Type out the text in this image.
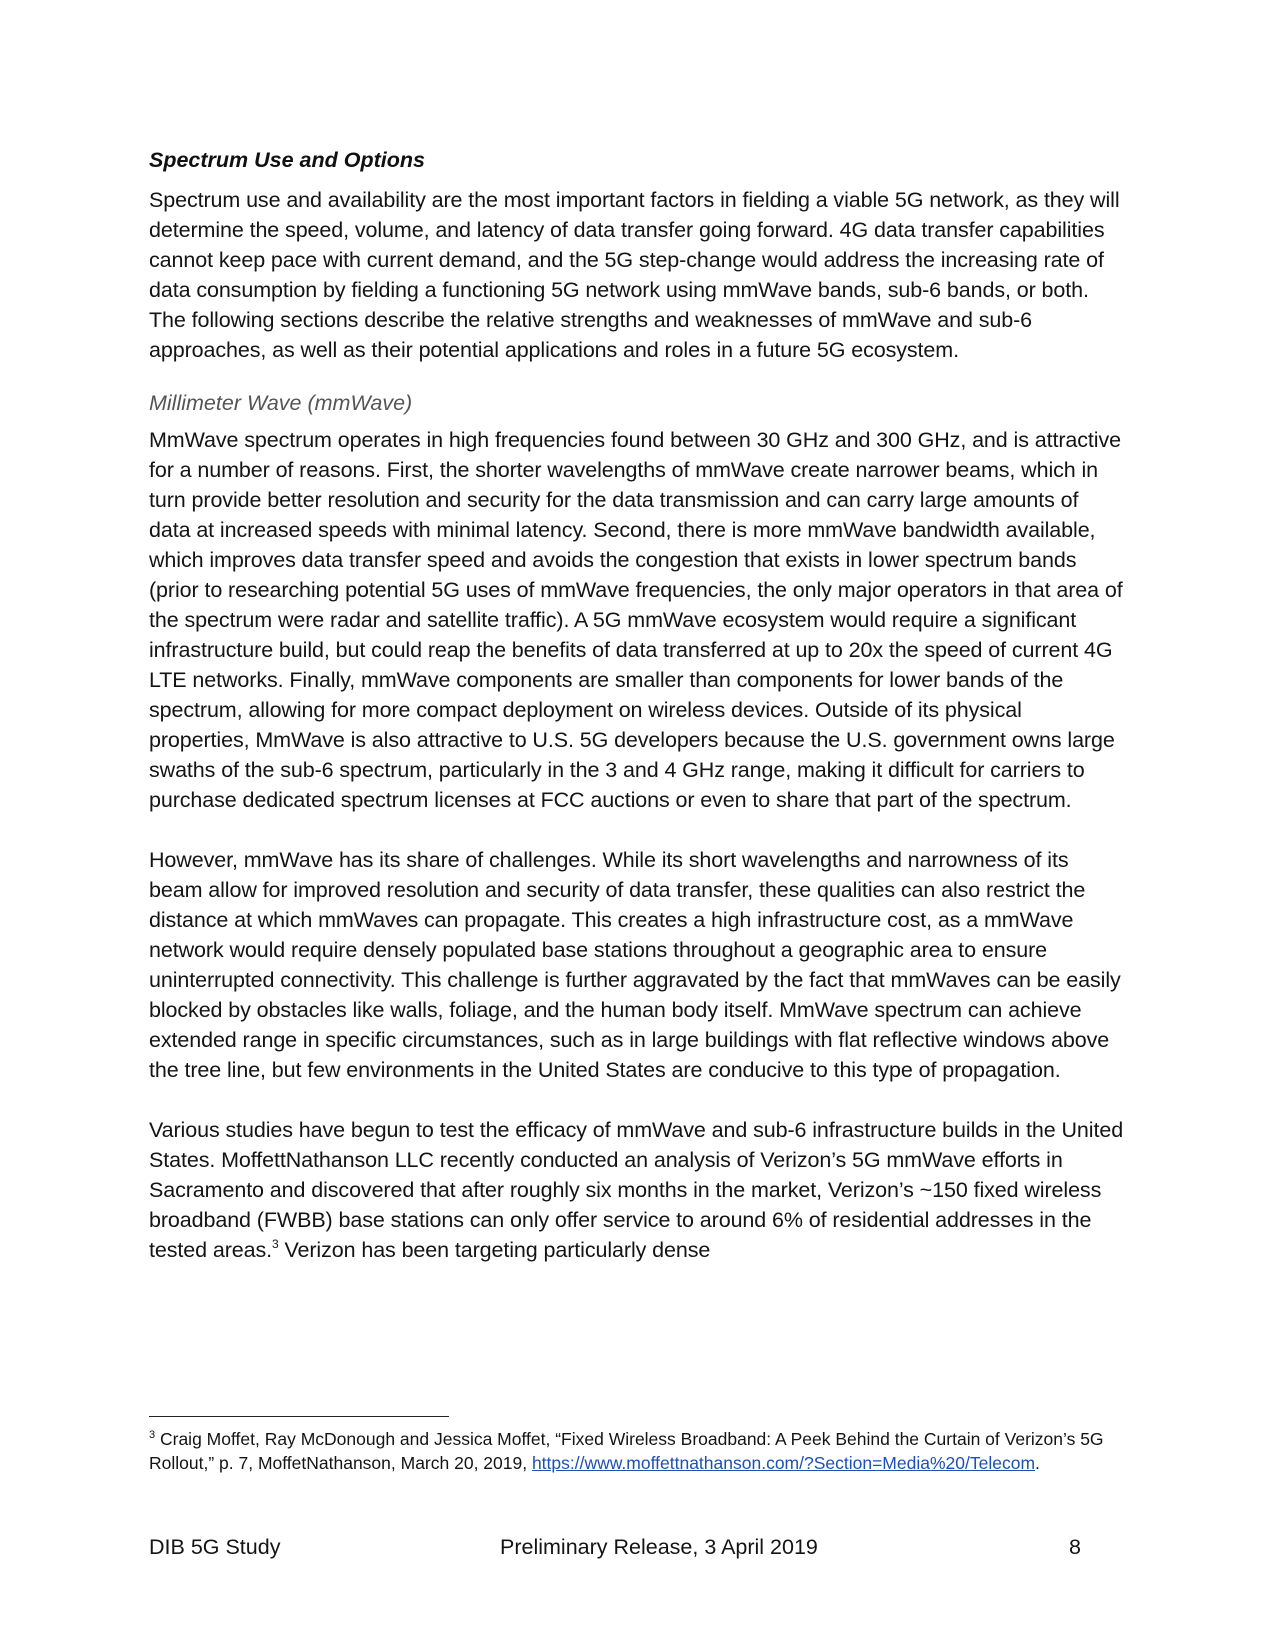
Spectrum Use and Options

Spectrum use and availability are the most important factors in fielding a viable 5G network, as they will determine the speed, volume, and latency of data transfer going forward. 4G data transfer capabilities cannot keep pace with current demand, and the 5G step-change would address the increasing rate of data consumption by fielding a functioning 5G network using mmWave bands, sub-6 bands, or both. The following sections describe the relative strengths and weaknesses of mmWave and sub-6 approaches, as well as their potential applications and roles in a future 5G ecosystem.

Millimeter Wave (mmWave)

MmWave spectrum operates in high frequencies found between 30 GHz and 300 GHz, and is attractive for a number of reasons. First, the shorter wavelengths of mmWave create narrower beams, which in turn provide better resolution and security for the data transmission and can carry large amounts of data at increased speeds with minimal latency. Second, there is more mmWave bandwidth available, which improves data transfer speed and avoids the congestion that exists in lower spectrum bands (prior to researching potential 5G uses of mmWave frequencies, the only major operators in that area of the spectrum were radar and satellite traffic). A 5G mmWave ecosystem would require a significant infrastructure build, but could reap the benefits of data transferred at up to 20x the speed of current 4G LTE networks. Finally, mmWave components are smaller than components for lower bands of the spectrum, allowing for more compact deployment on wireless devices. Outside of its physical properties, MmWave is also attractive to U.S. 5G developers because the U.S. government owns large swaths of the sub-6 spectrum, particularly in the 3 and 4 GHz range, making it difficult for carriers to purchase dedicated spectrum licenses at FCC auctions or even to share that part of the spectrum.

However, mmWave has its share of challenges. While its short wavelengths and narrowness of its beam allow for improved resolution and security of data transfer, these qualities can also restrict the distance at which mmWaves can propagate. This creates a high infrastructure cost, as a mmWave network would require densely populated base stations throughout a geographic area to ensure uninterrupted connectivity. This challenge is further aggravated by the fact that mmWaves can be easily blocked by obstacles like walls, foliage, and the human body itself. MmWave spectrum can achieve extended range in specific circumstances, such as in large buildings with flat reflective windows above the tree line, but few environments in the United States are conducive to this type of propagation.

Various studies have begun to test the efficacy of mmWave and sub-6 infrastructure builds in the United States. MoffettNathanson LLC recently conducted an analysis of Verizon’s 5G mmWave efforts in Sacramento and discovered that after roughly six months in the market, Verizon’s ~150 fixed wireless broadband (FWBB) base stations can only offer service to around 6% of residential addresses in the tested areas.$^3$ Verizon has been targeting particularly dense

$^3$ Craig Moffet, Ray McDonough and Jessica Moffet, “Fixed Wireless Broadband: A Peek Behind the Curtain of Verizon’s 5G Rollout,” p. 7, MoffetNathanson, March 20, 2019, https://www.moffettnathanson.com/?Section=Media%20/Telecom.
DIB 5G Study	Preliminary Release, 3 April 2019	8
